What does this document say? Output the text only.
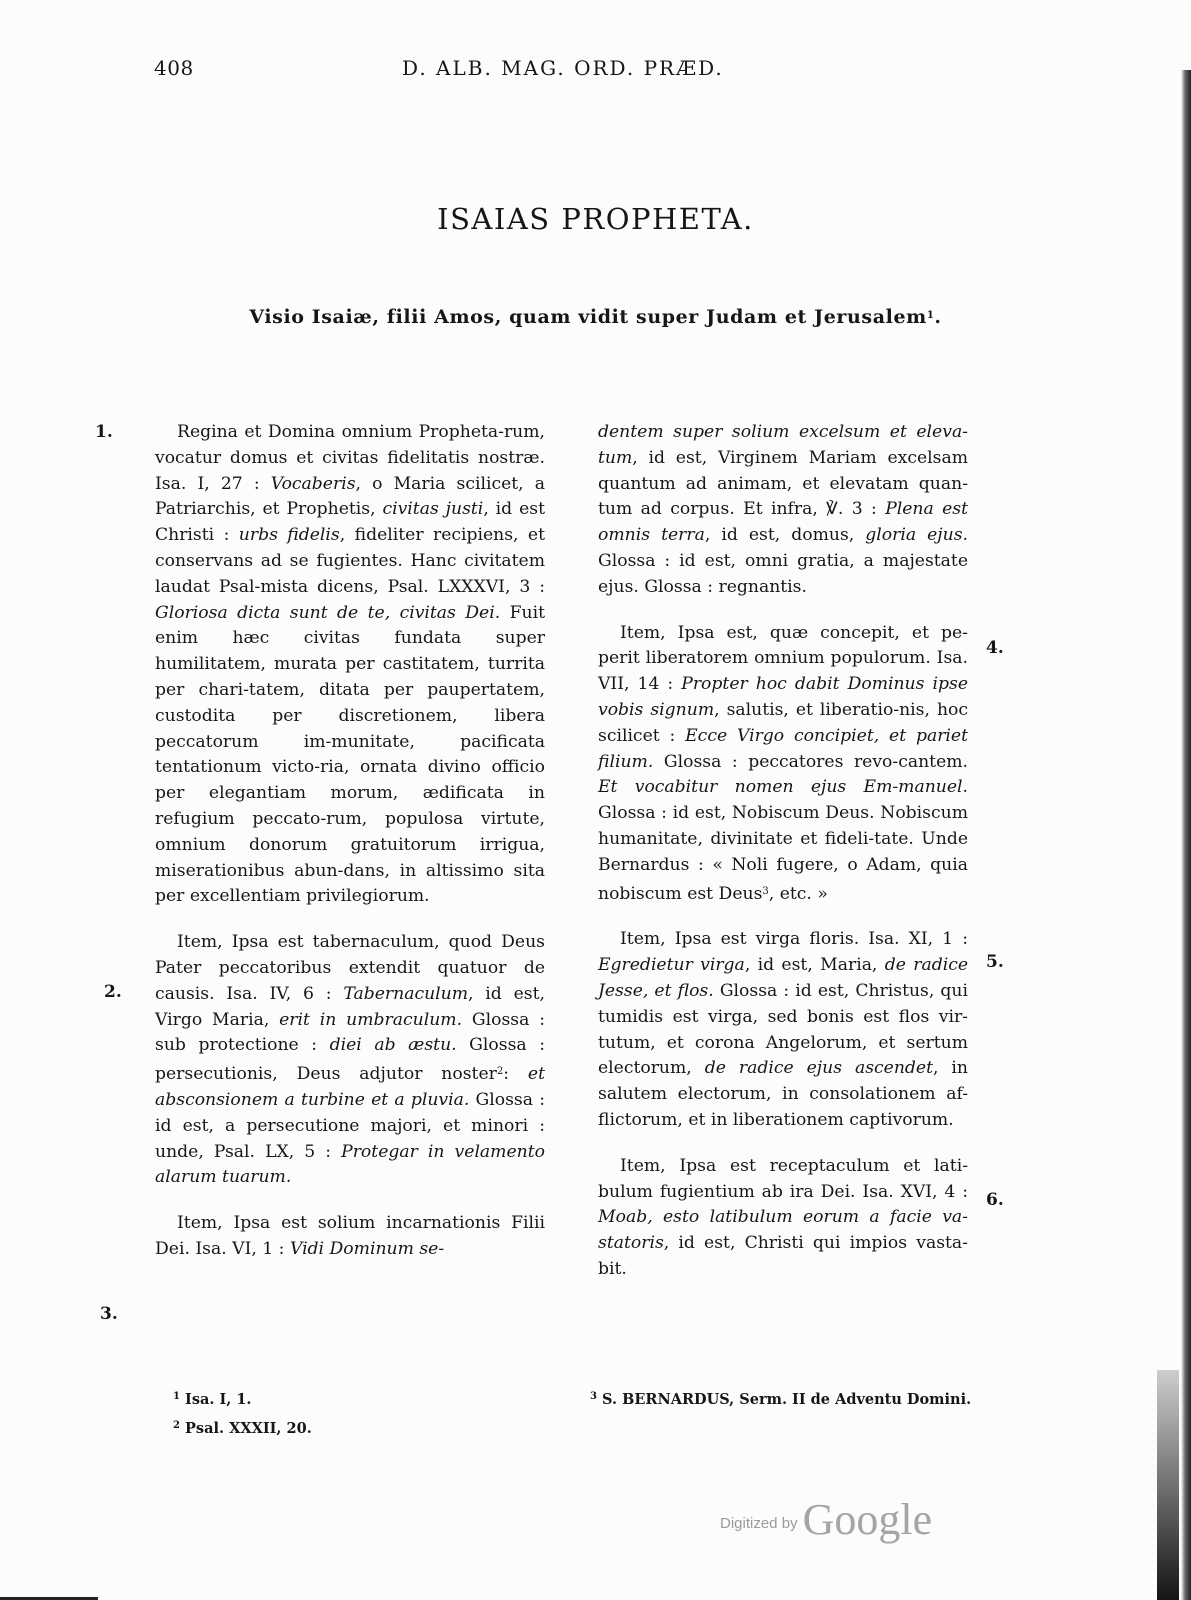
408	D. ALB. MAG. ORD. PRÆD.
ISAIAS PROPHETA.
Visio Isaiæ, filii Amos, quam vidit super Judam et Jerusalem$^1$.
1.
2.
3.
4.
5.
6.

Regina et Domina omnium Propheta-rum, vocatur domus et civitas fidelitatis nostræ. Isa. I, 27 : Vocaberis, o Maria scilicet, a Patriarchis, et Prophetis, civitas justi, id est Christi : urbs fidelis, fideliter recipiens, et conservans ad se fugientes. Hanc civitatem laudat Psal-mista dicens, Psal. LXXXVI, 3 : Gloriosa dicta sunt de te, civitas Dei. Fuit enim hæc civitas fundata super humilitatem, murata per castitatem, turrita per chari-tatem, ditata per paupertatem, custodita per discretionem, libera peccatorum im-munitate, pacificata tentationum victo-ria, ornata divino officio per elegantiam morum, ædificata in refugium peccato-rum, populosa virtute, omnium donorum gratuitorum irrigua, miserationibus abun-dans, in altissimo sita per excellentiam privilegiorum.

Item, Ipsa est tabernaculum, quod Deus Pater peccatoribus extendit quatuor de causis. Isa. IV, 6 : Tabernaculum, id est, Virgo Maria, erit in umbraculum. Glossa : sub protectione : diei ab æstu. Glossa : persecutionis, Deus adjutor noster$^2$: et absconsionem a turbine et a pluvia. Glossa : id est, a persecutione majori, et minori : unde, Psal. LX, 5 : Protegar in velamento alarum tuarum.

Item, Ipsa est solium incarnationis Filii Dei. Isa. VI, 1 : Vidi Dominum se-

dentem super solium excelsum et eleva-tum, id est, Virginem Mariam excelsam quantum ad animam, et elevatam quan-tum ad corpus. Et infra, ℣. 3 : Plena est omnis terra, id est, domus, gloria ejus. Glossa : id est, omni gratia, a majestate ejus. Glossa : regnantis.

Item, Ipsa est, quæ concepit, et pe-perit liberatorem omnium populorum. Isa. VII, 14 : Propter hoc dabit Dominus ipse vobis signum, salutis, et liberatio-nis, hoc scilicet : Ecce Virgo concipiet, et pariet filium. Glossa : peccatores revo-cantem. Et vocabitur nomen ejus Em-manuel. Glossa : id est, Nobiscum Deus. Nobiscum humanitate, divinitate et fideli-tate. Unde Bernardus : « Noli fugere, o Adam, quia nobiscum est Deus$^3$, etc. »

Item, Ipsa est virga floris. Isa. XI, 1 : Egredietur virga, id est, Maria, de radice Jesse, et flos. Glossa : id est, Christus, qui tumidis est virga, sed bonis est flos vir-tutum, et corona Angelorum, et sertum electorum, de radice ejus ascendet, in salutem electorum, in consolationem af-flictorum, et in liberationem captivorum.

Item, Ipsa est receptaculum et lati-bulum fugientium ab ira Dei. Isa. XVI, 4 : Moab, esto latibulum eorum a facie va-statoris, id est, Christi qui impios vasta-bit.

$^1$ Isa. I, 1.
$^2$ Psal. XXXII, 20.
$^3$ S. BERNARDUS, Serm. II de Adventu Domini.
Digitized by Google
